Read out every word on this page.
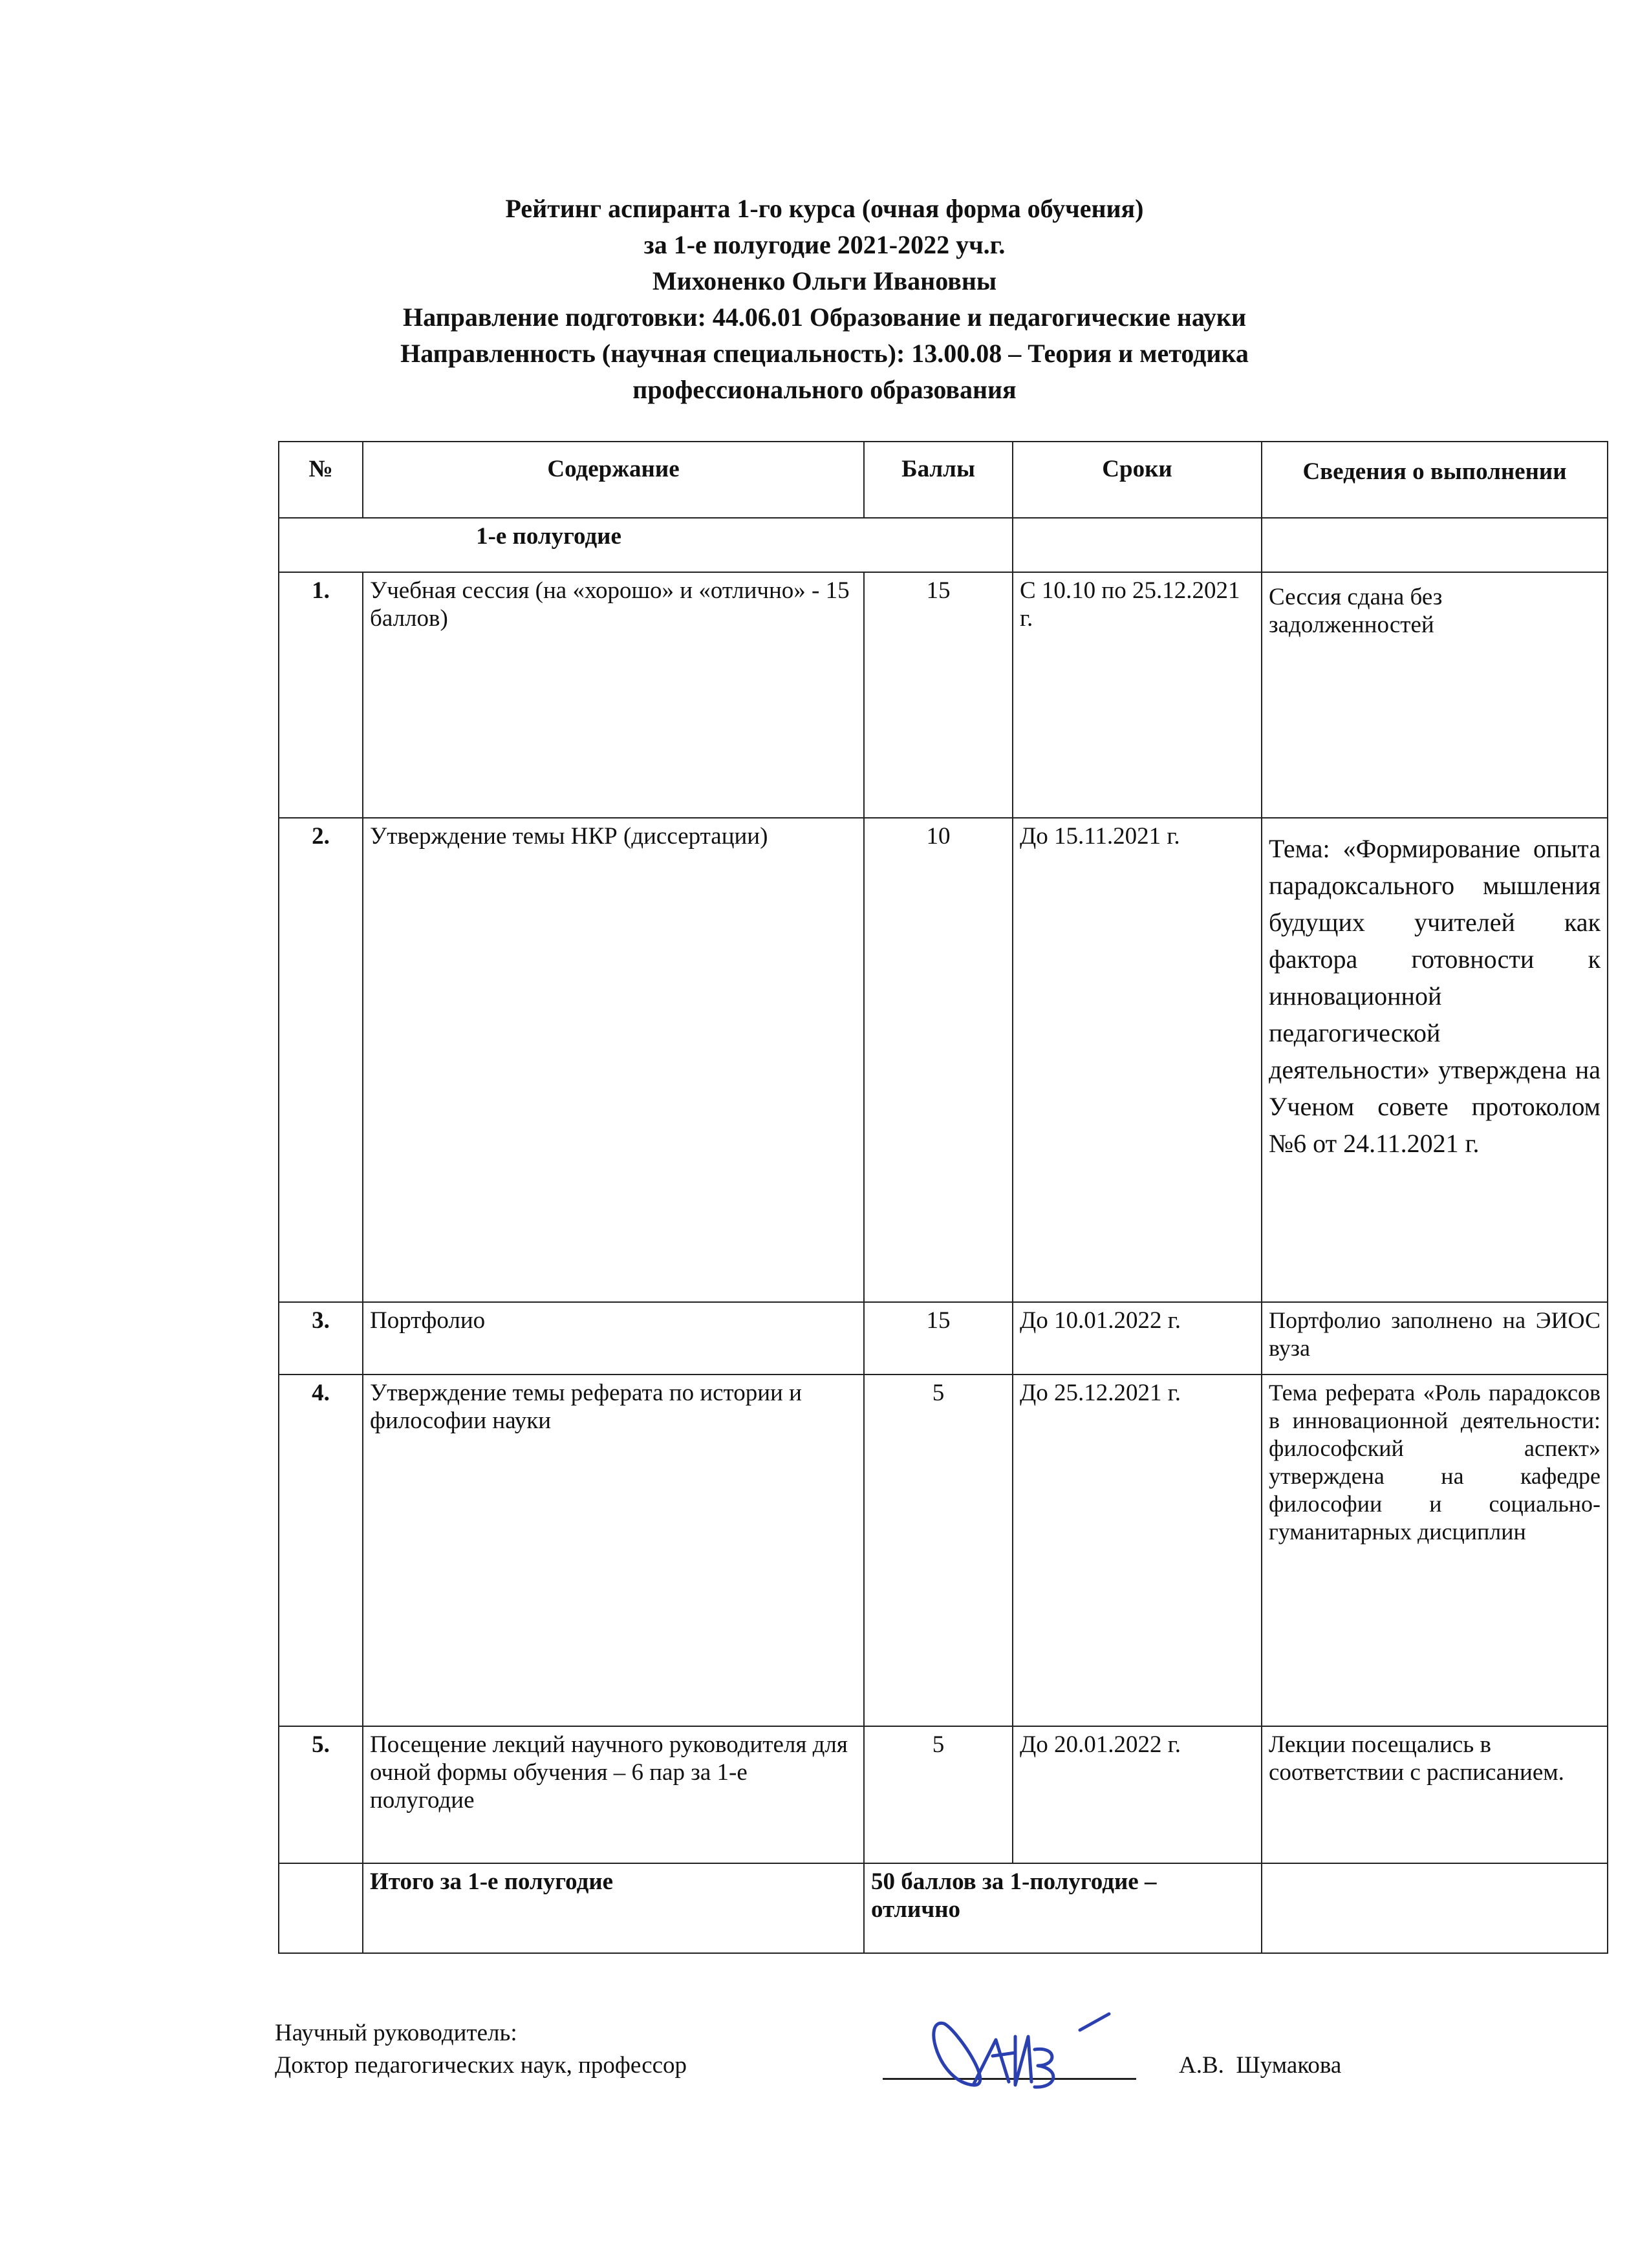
Рейтинг аспиранта 1-го курса (очная форма обучения)
за 1-е полугодие 2021-2022 уч.г.
Михоненко Ольги Ивановны
Направление подготовки: 44.06.01 Образование и педагогические науки
Направленность (научная специальность): 13.00.08 – Теория и методика
профессионального образования
№	Содержание	Баллы	Сроки	Сведения о выполнении
1-е полугодие				
1.	Учебная сессия (на «хорошо» и «отлично» - 15 баллов)	15	С 10.10 по 25.12.2021 г.	Сессия сдана без задолженностей
2.	Утверждение темы НКР (диссертации)	10	До 15.11.2021 г.	Тема: «Формирование опыта парадоксального мышления будущих учителей как фактора готовности к инновационной педагогической деятельности» утверждена на Ученом совете протоколом №6 от 24.11.2021 г.
3.	Портфолио	15	До 10.01.2022 г.	Портфолио заполнено на ЭИОС вуза
4.	Утверждение темы реферата по истории и философии науки	5	До 25.12.2021 г.	Тема реферата «Роль парадоксов в инновационной деятельности: философский аспект» утверждена на кафедре философии и социально-гуманитарных дисциплин
5.	Посещение лекций научного руководителя для очной формы обучения – 6 пар за 1-е полугодие	5	До 20.01.2022 г.	Лекции посещались в соответствии с расписанием.
	Итого за 1-е полугодие	50 баллов за 1-полугодие – отлично		
Научный руководитель:
Доктор педагогических наук, профессор	А.В.  Шумакова
